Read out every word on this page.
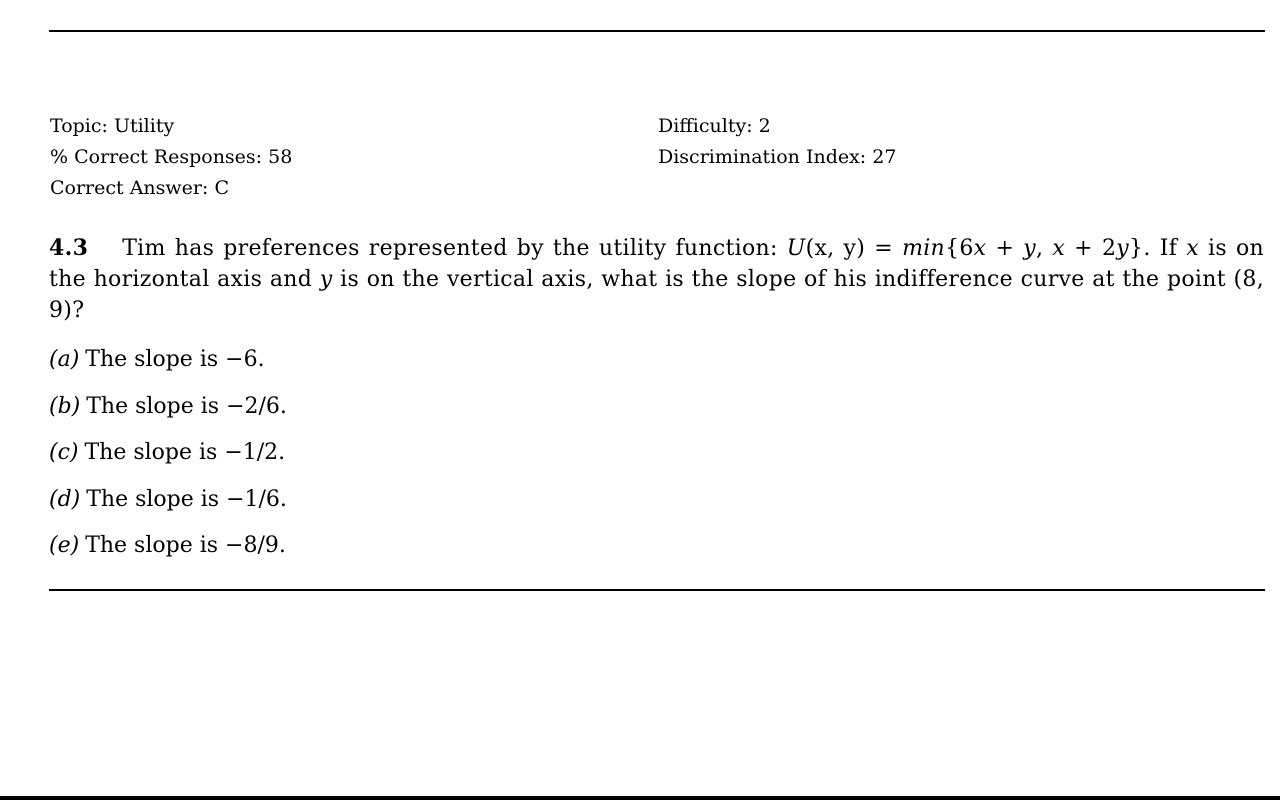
Topic: Utility
% Correct Responses: 58
Correct Answer: C
Difficulty: 2
Discrimination Index: 27
4.3 Tim has preferences represented by the utility function: U(x, y) = min{6x + y, x + 2y}. If x is on the horizontal axis and y is on the vertical axis, what is the slope of his indifference curve at the point (8, 9)?
(a) The slope is −6.
(b) The slope is −2/6.
(c) The slope is −1/2.
(d) The slope is −1/6.
(e) The slope is −8/9.
